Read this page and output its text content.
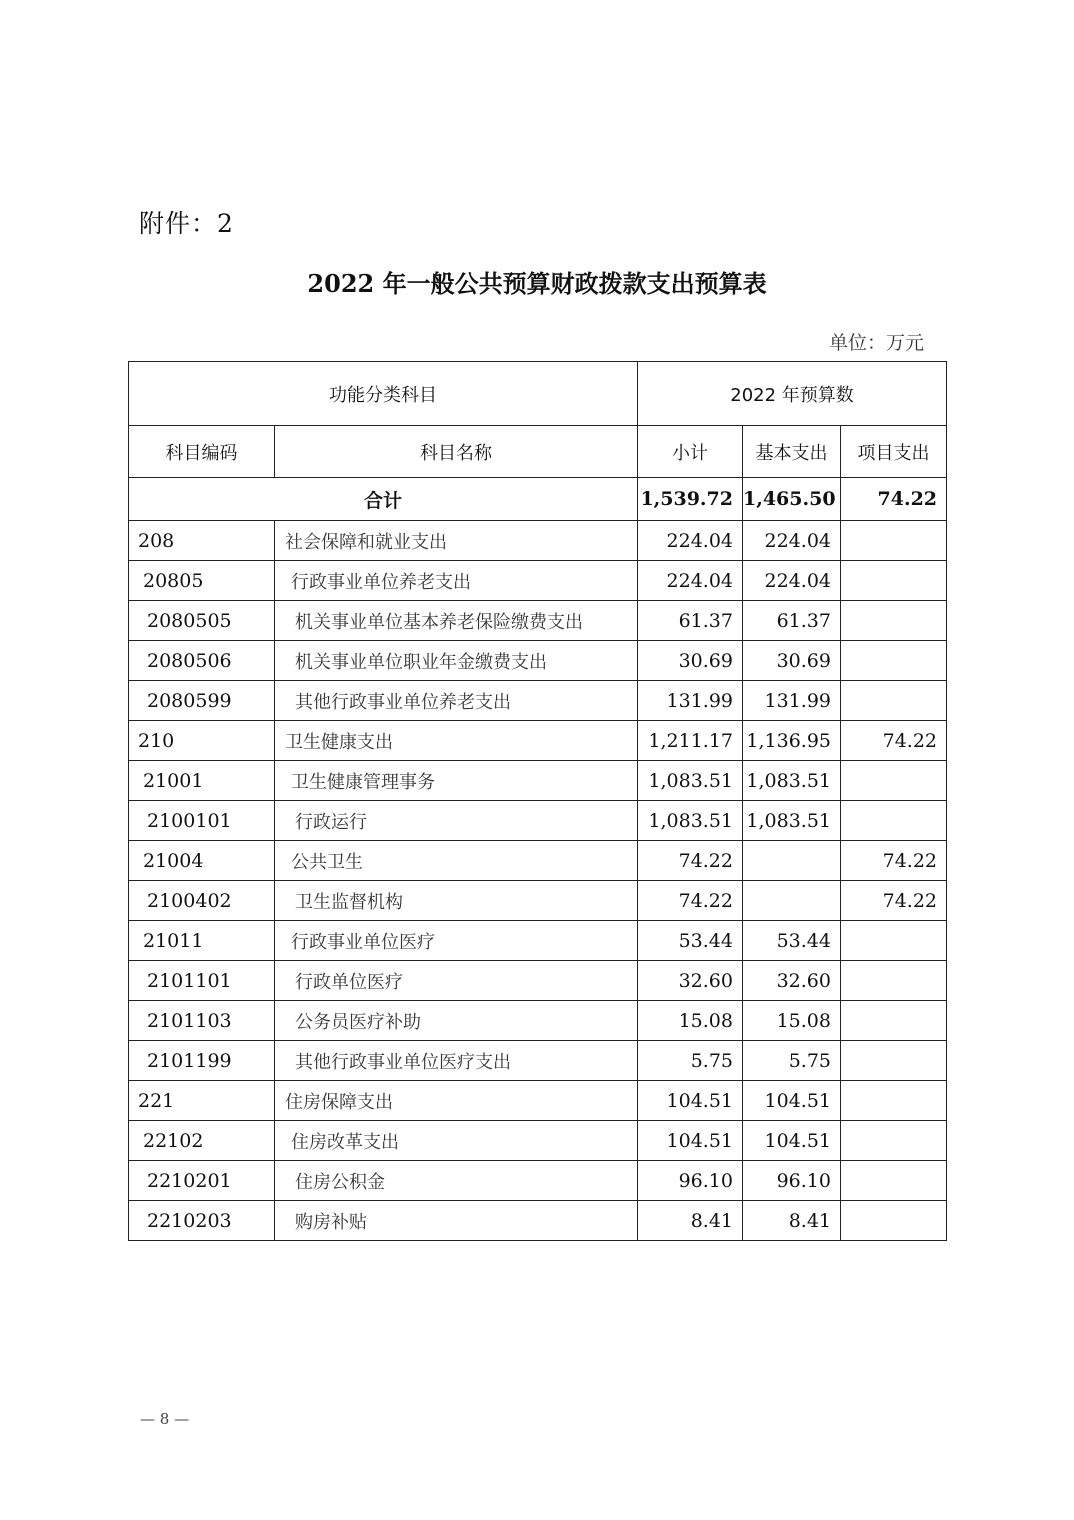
附件：2
2022 年一般公共预算财政拨款支出预算表
单位：万元
功能分类科目		2022 年预算数		
科目编码	科目名称	小计	基本支出	项目支出
合计		1,539.72	1,465.50	74.22
208	社会保障和就业支出	224.04	224.04	
20805	行政事业单位养老支出	224.04	224.04	
2080505	机关事业单位基本养老保险缴费支出	61.37	61.37	
2080506	机关事业单位职业年金缴费支出	30.69	30.69	
2080599	其他行政事业单位养老支出	131.99	131.99	
210	卫生健康支出	1,211.17	1,136.95	74.22
21001	卫生健康管理事务	1,083.51	1,083.51	
2100101	行政运行	1,083.51	1,083.51	
21004	公共卫生	74.22		74.22
2100402	卫生监督机构	74.22		74.22
21011	行政事业单位医疗	53.44	53.44	
2101101	行政单位医疗	32.60	32.60	
2101103	公务员医疗补助	15.08	15.08	
2101199	其他行政事业单位医疗支出	5.75	5.75	
221	住房保障支出	104.51	104.51	
22102	住房改革支出	104.51	104.51	
2210201	住房公积金	96.10	96.10	
2210203	购房补贴	8.41	8.41	
— 8 —
